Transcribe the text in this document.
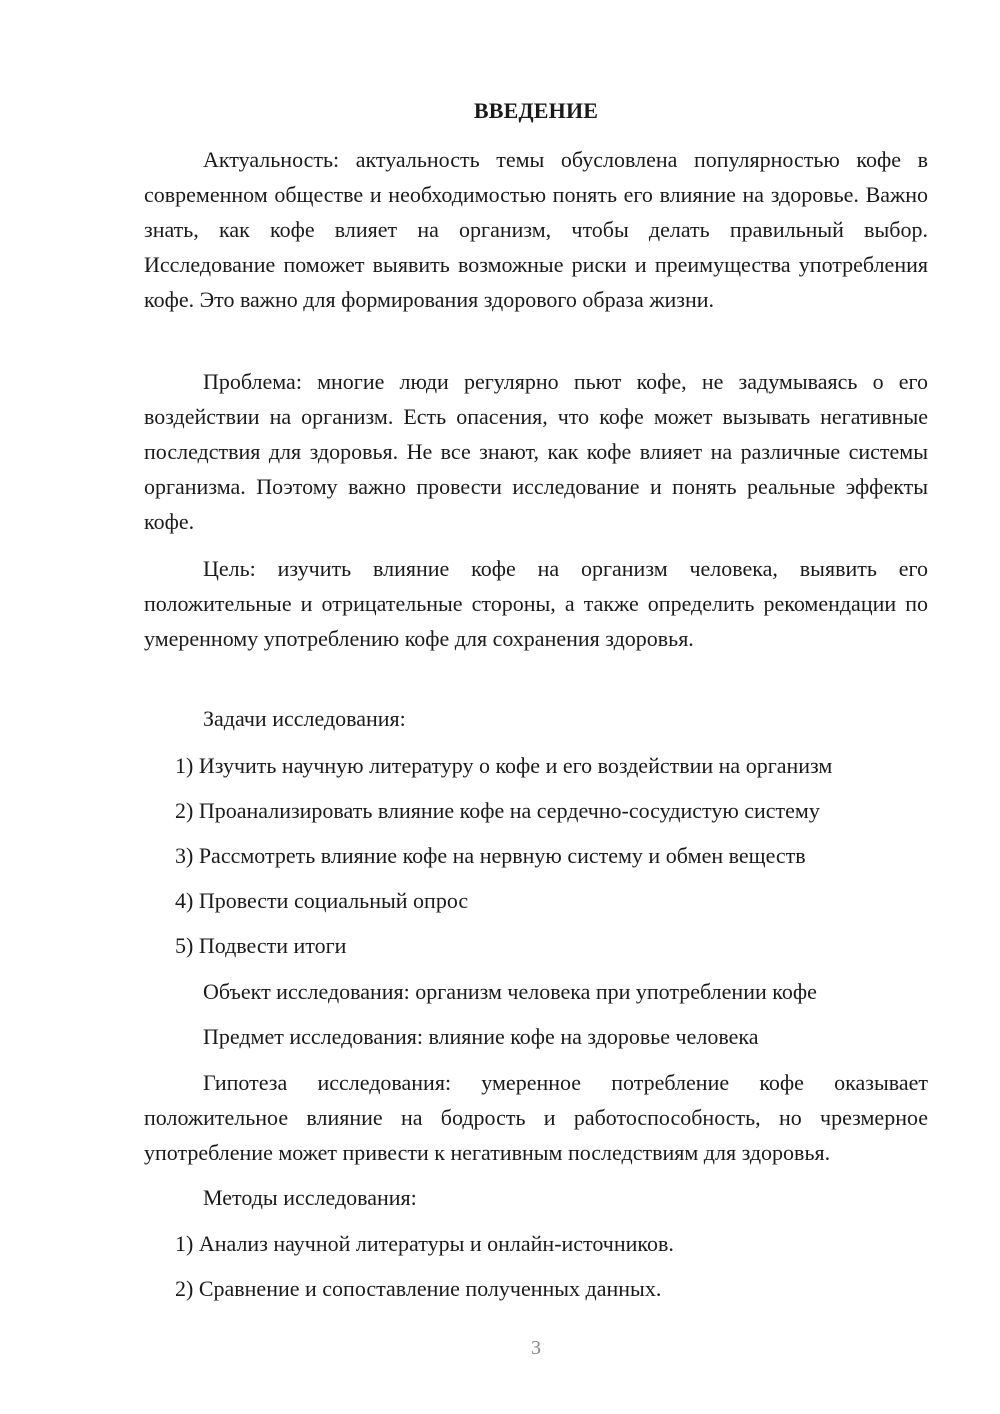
ВВЕДЕНИЕ

Актуальность: актуальность темы обусловлена популярностью кофе в современном обществе и необходимостью понять его влияние на здоровье. Важно знать, как кофе влияет на организм, чтобы делать правильный выбор. Исследование поможет выявить возможные риски и преимущества употребления кофе. Это важно для формирования здорового образа жизни.

Проблема: многие люди регулярно пьют кофе, не задумываясь о его воздействии на организм. Есть опасения, что кофе может вызывать негативные последствия для здоровья. Не все знают, как кофе влияет на различные системы организма. Поэтому важно провести исследование и понять реальные эффекты кофе.

Цель: изучить влияние кофе на организм человека, выявить его положительные и отрицательные стороны, а также определить рекомендации по умеренному употреблению кофе для сохранения здоровья.

Задачи исследования:
1) Изучить научную литературу о кофе и его воздействии на организм
2) Проанализировать влияние кофе на сердечно-сосудистую систему
3) Рассмотреть влияние кофе на нервную систему и обмен веществ
4) Провести социальный опрос
5) Подвести итоги
Объект исследования: организм человека при употреблении кофе
Предмет исследования: влияние кофе на здоровье человека

Гипотеза исследования: умеренное потребление кофе оказывает положительное влияние на бодрость и работоспособность, но чрезмерное употребление может привести к негативным последствиям для здоровья.

Методы исследования:
1) Анализ научной литературы и онлайн-источников.
2) Сравнение и сопоставление полученных данных.
3
